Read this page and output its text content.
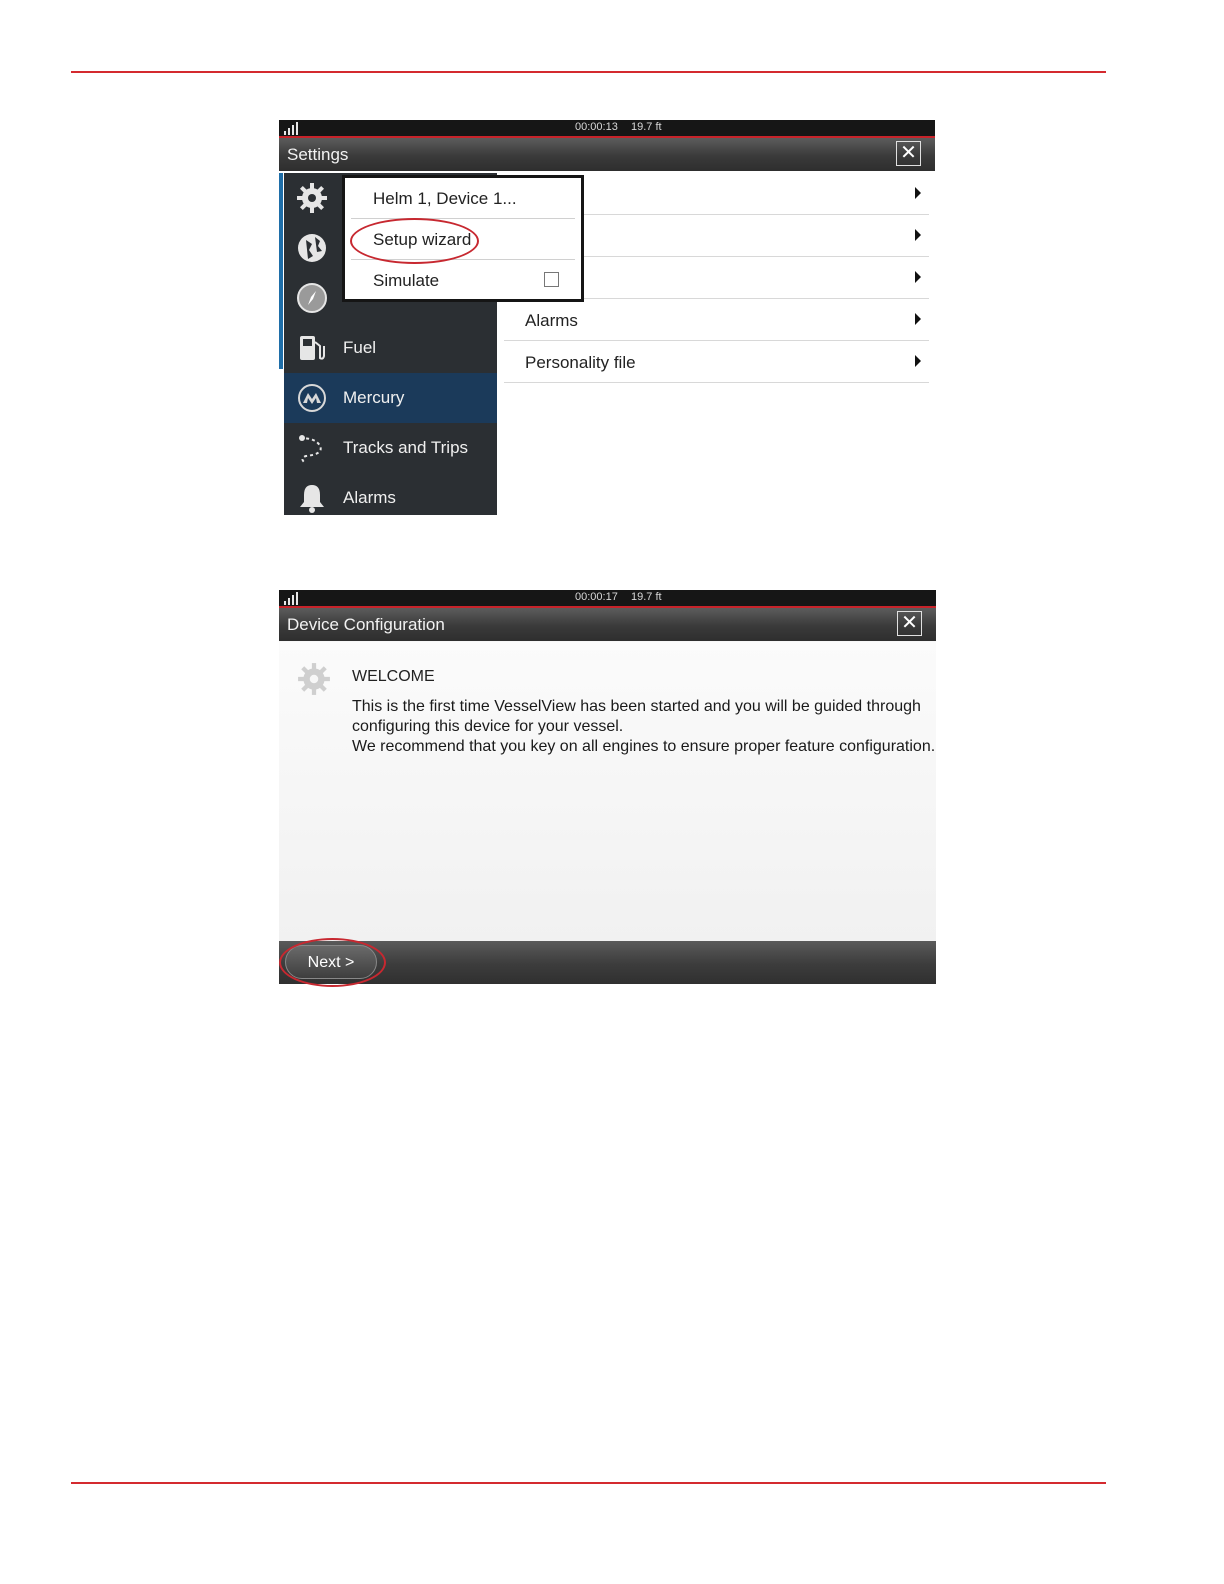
00:00:13 19.7 ft
Settings	✕
Fuel
Mercury
Tracks and Trips
Alarms
Alarms
Personality file
Helm 1, Device 1...
Setup wizard
Simulate
00:00:17 19.7 ft
Device Configuration	✕
WELCOME
This is the first time VesselView has been started and you will be guided through
configuring this device for your vessel.
We recommend that you key on all engines to ensure proper feature configuration.
Next >
